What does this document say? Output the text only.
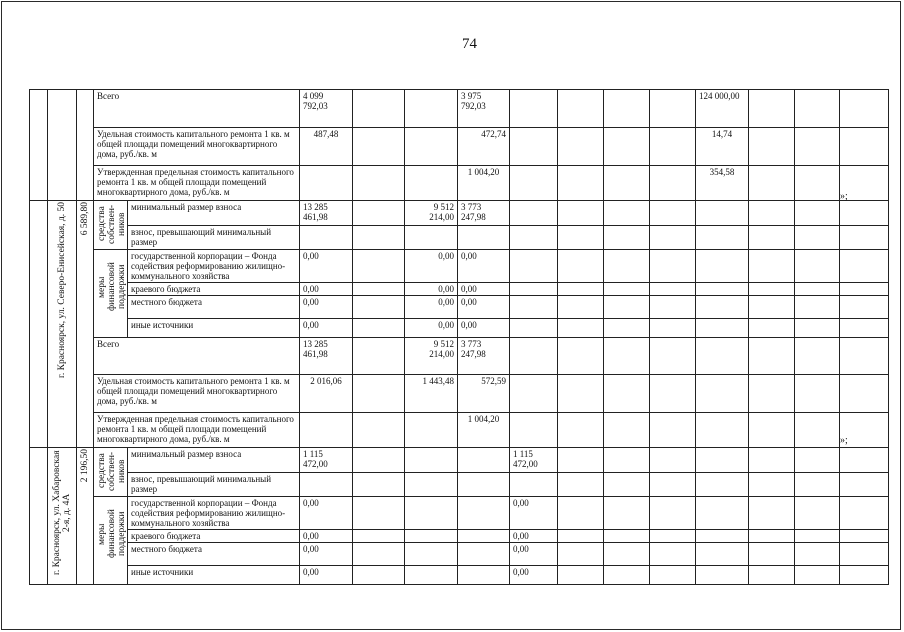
74
			Всего		4 099 792,03			3 975 792,03					124 000,00			
			Удельная стоимость капитального ремонта 1 кв. м общей площади помещений многоквартирного дома, руб./кв. м		487,48			472,74					14,74			
			Утвержденная предельная стоимость капитального ремонта 1 кв. м общей площади помещений многоквартирного дома, руб./кв. м					1 004,20					354,58			
	г. Красноярск, ул. Северо-Енисейская, д. 50	6 589,80	средства собствен-ников	минимальный размер взноса	13 285 461,98		9 512 214,00	3 773 247,98								
				взнос, превышающий минимальный размер												
			меры финансовой поддержки	государственной корпорации – Фонда содействия реформированию жилищно-коммунального хозяйства	0,00		0,00	0,00								
				краевого бюджета	0,00		0,00	0,00								
				местного бюджета	0,00		0,00	0,00								
				иные источники	0,00		0,00	0,00								
			Всего		13 285 461,98		9 512 214,00	3 773 247,98								
			Удельная стоимость капитального ремонта 1 кв. м общей площади помещений многоквартирного дома, руб./кв. м		2 016,06		1 443,48	572,59								
			Утвержденная предельная стоимость капитального ремонта 1 кв. м общей площади помещений многоквартирного дома, руб./кв. м					1 004,20								
	г. Красноярск, ул. Хабаровская 2-я, д. 4А	2 196,50	средства собствен-ников	минимальный размер взноса	1 115 472,00				1 115 472,00							
				взнос, превышающий минимальный размер												
			меры финансовой поддержки	государственной корпорации – Фонда содействия реформированию жилищно-коммунального хозяйства	0,00				0,00							
				краевого бюджета	0,00				0,00							
				местного бюджета	0,00				0,00							
				иные источники	0,00				0,00							
»;
»;
